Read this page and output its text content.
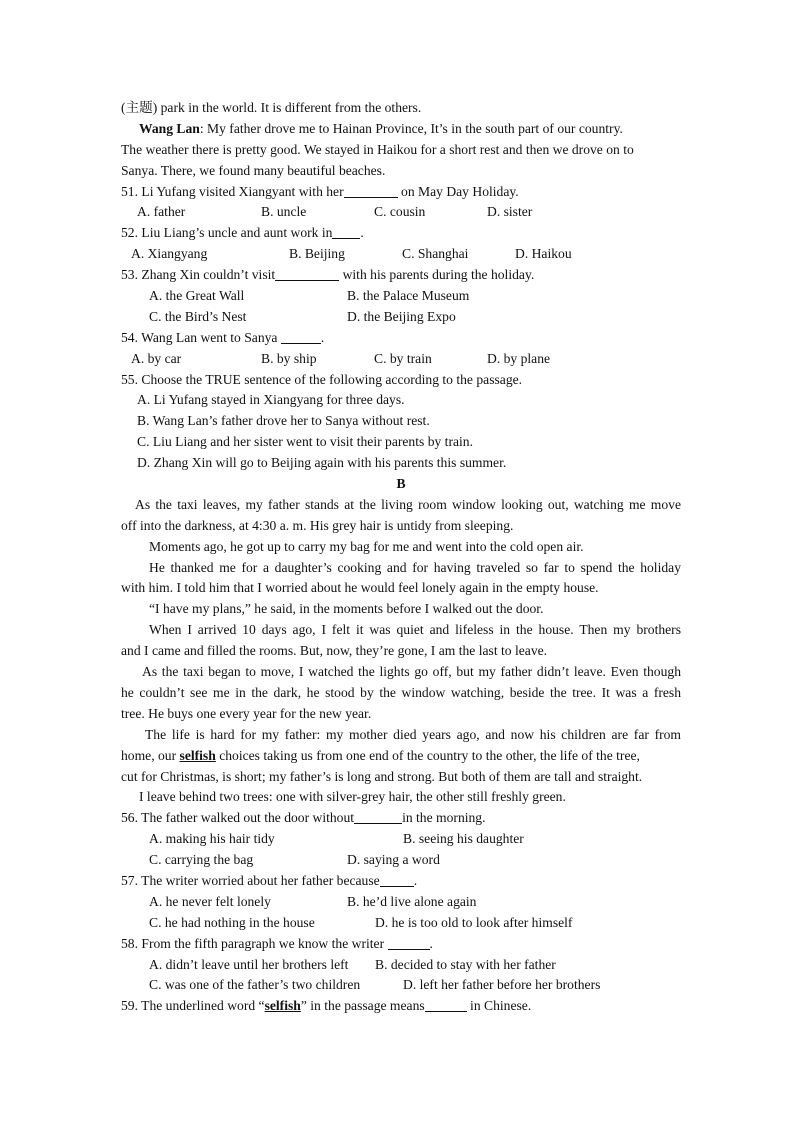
(主题) park in the world. It is different from the others.
Wang Lan: My father drove me to Hainan Province, It’s in the south part of our country.
The weather there is pretty good. We stayed in Haikou for a short rest and then we drove on to
Sanya. There, we found many beautiful beaches.
51. Li Yufang visited Xiangyant with her	on May Day Holiday.
A. father	B. uncle	C. cousin	D. sister
52. Liu Liang’s uncle and aunt work in .
A. Xiangyang	B. Beijing	C. Shanghai	D. Haikou
53. Zhang Xin couldn’t visit	with his parents during the holiday.
A. the Great Wall	B. the Palace Museum
C. the Bird’s Nest	D. the Beijing Expo
54. Wang Lan went to Sanya	.
A. by car	B. by ship	C. by train	D. by plane
55. Choose the TRUE sentence of the following according to the passage.
A. Li Yufang stayed in Xiangyang for three days.
B. Wang Lan’s father drove her to Sanya without rest.
C. Liu Liang and her sister went to visit their parents by train.
D. Zhang Xin will go to Beijing again with his parents this summer.
B
As the taxi leaves, my father stands at the living room window looking out, watching me move
off into the darkness, at 4:30 a. m. His grey hair is untidy from sleeping.
Moments ago, he got up to carry my bag for me and went into the cold open air.
He thanked me for a daughter’s cooking and for having traveled so far to spend the holiday
with him. I told him that I worried about he would feel lonely again in the empty house.
“I have my plans,” he said, in the moments before I walked out the door.
When I arrived 10 days ago, I felt it was quiet and lifeless in the house. Then my brothers
and I came and filled the rooms. But, now, they’re gone, I am the last to leave.
As the taxi began to move, I watched the lights go off, but my father didn’t leave. Even though
he couldn’t see me in the dark, he stood by the window watching, beside the tree. It was a fresh
tree. He buys one every year for the new year.
The life is hard for my father: my mother died years ago, and now his children are far from
home, our selfish choices taking us from one end of the country to the other, the life of the tree,
cut for Christmas, is short; my father’s is long and strong. But both of them are tall and straight.
I leave behind two trees: one with silver-grey hair, the other still freshly green.
56. The father walked out the door without	in the morning.
A. making his hair tidy	B. seeing his daughter
C. carrying the bag	D. saying a word
57. The writer worried about her father because	.
A. he never felt lonely	B. he’d live alone again
C. he had nothing in the house	D. he is too old to look after himself
58. From the fifth paragraph we know the writer	.
A. didn’t leave until her brothers left B. decided to stay with her father
C. was one of the father’s two children	D. left her father before her brothers
59. The underlined word “selfish” in the passage means	in Chinese.
